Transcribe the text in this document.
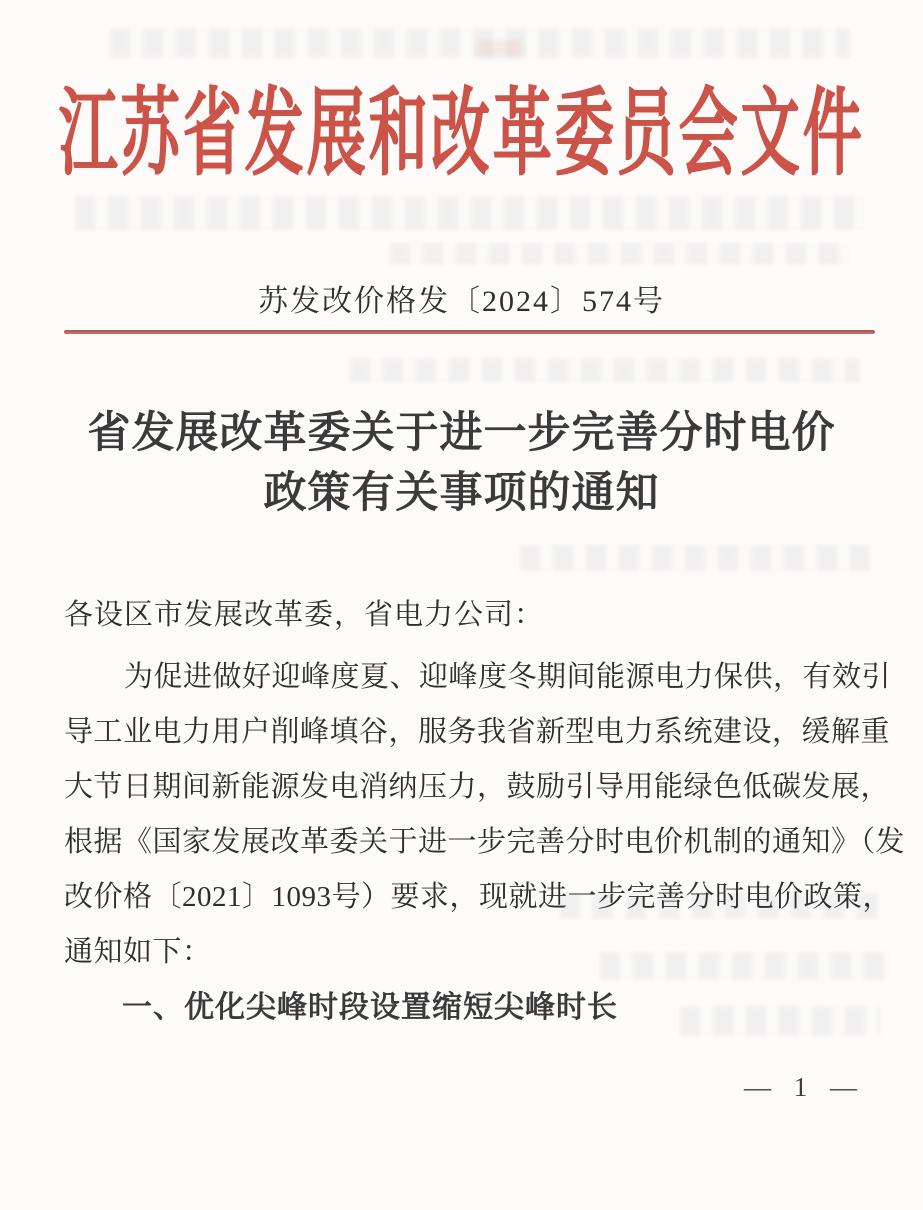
江苏省发展和改革委员会文件
苏发改价格发〔2024〕574号
省发展改革委关于进一步完善分时电价
政策有关事项的通知
各设区市发展改革委，省电力公司：
为促进做好迎峰度夏、迎峰度冬期间能源电力保供，有效引
导工业电力用户削峰填谷，服务我省新型电力系统建设，缓解重
大节日期间新能源发电消纳压力，鼓励引导用能绿色低碳发展，
根据《国家发展改革委关于进一步完善分时电价机制的通知》（发
改价格〔2021〕1093号）要求，现就进一步完善分时电价政策，
通知如下：
一、优化尖峰时段设置缩短尖峰时长
— 1 —
